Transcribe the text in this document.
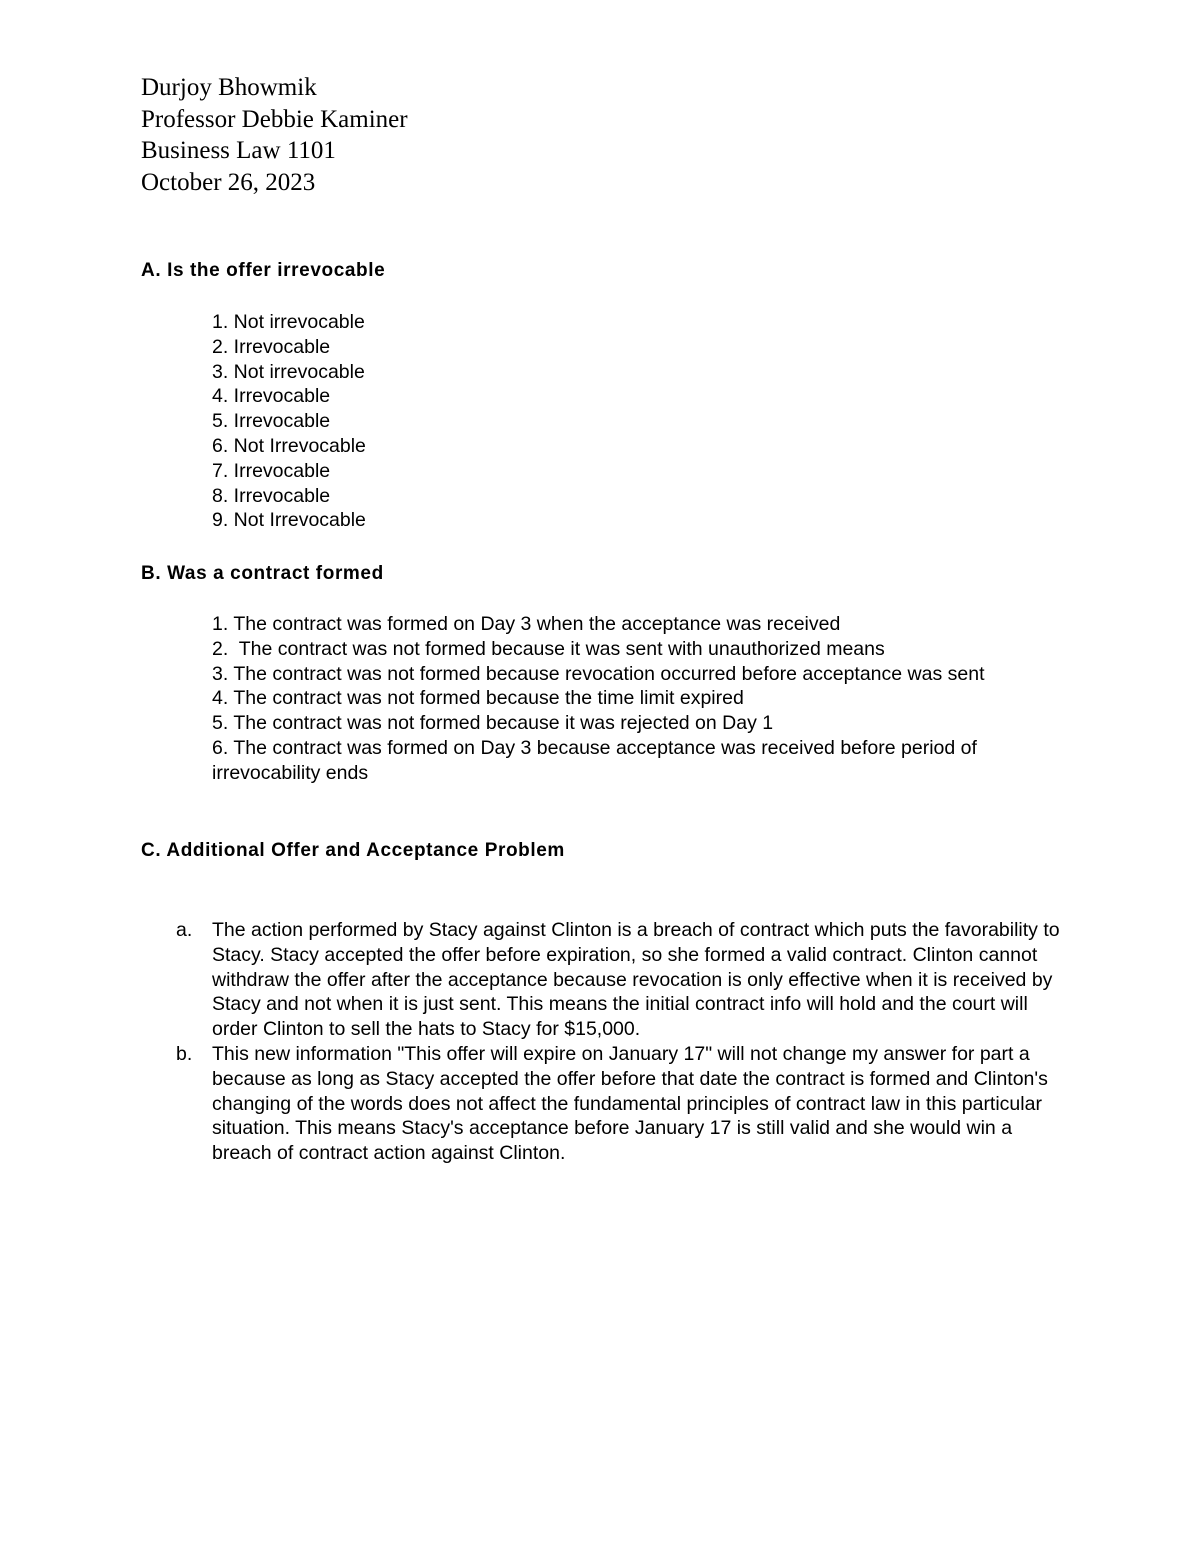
Durjoy Bhowmik
Professor Debbie Kaminer
Business Law 1101
October 26, 2023
A. Is the offer irrevocable
1. Not irrevocable
2. Irrevocable
3. Not irrevocable
4. Irrevocable
5. Irrevocable
6. Not Irrevocable
7. Irrevocable
8. Irrevocable
9. Not Irrevocable
B. Was a contract formed
1. The contract was formed on Day 3 when the acceptance was received
2.  The contract was not formed because it was sent with unauthorized means
3. The contract was not formed because revocation occurred before acceptance was sent
4. The contract was not formed because the time limit expired
5. The contract was not formed because it was rejected on Day 1
6. The contract was formed on Day 3 because acceptance was received before period of irrevocability ends
C. Additional Offer and Acceptance Problem
a. The action performed by Stacy against Clinton is a breach of contract which puts the favorability to Stacy. Stacy accepted the offer before expiration, so she formed a valid contract. Clinton cannot withdraw the offer after the acceptance because revocation is only effective when it is received by Stacy and not when it is just sent. This means the initial contract info will hold and the court will order Clinton to sell the hats to Stacy for $15,000.
b. This new information "This offer will expire on January 17" will not change my answer for part a because as long as Stacy accepted the offer before that date the contract is formed and Clinton's changing of the words does not affect the fundamental principles of contract law in this particular situation. This means Stacy's acceptance before January 17 is still valid and she would win a breach of contract action against Clinton.
